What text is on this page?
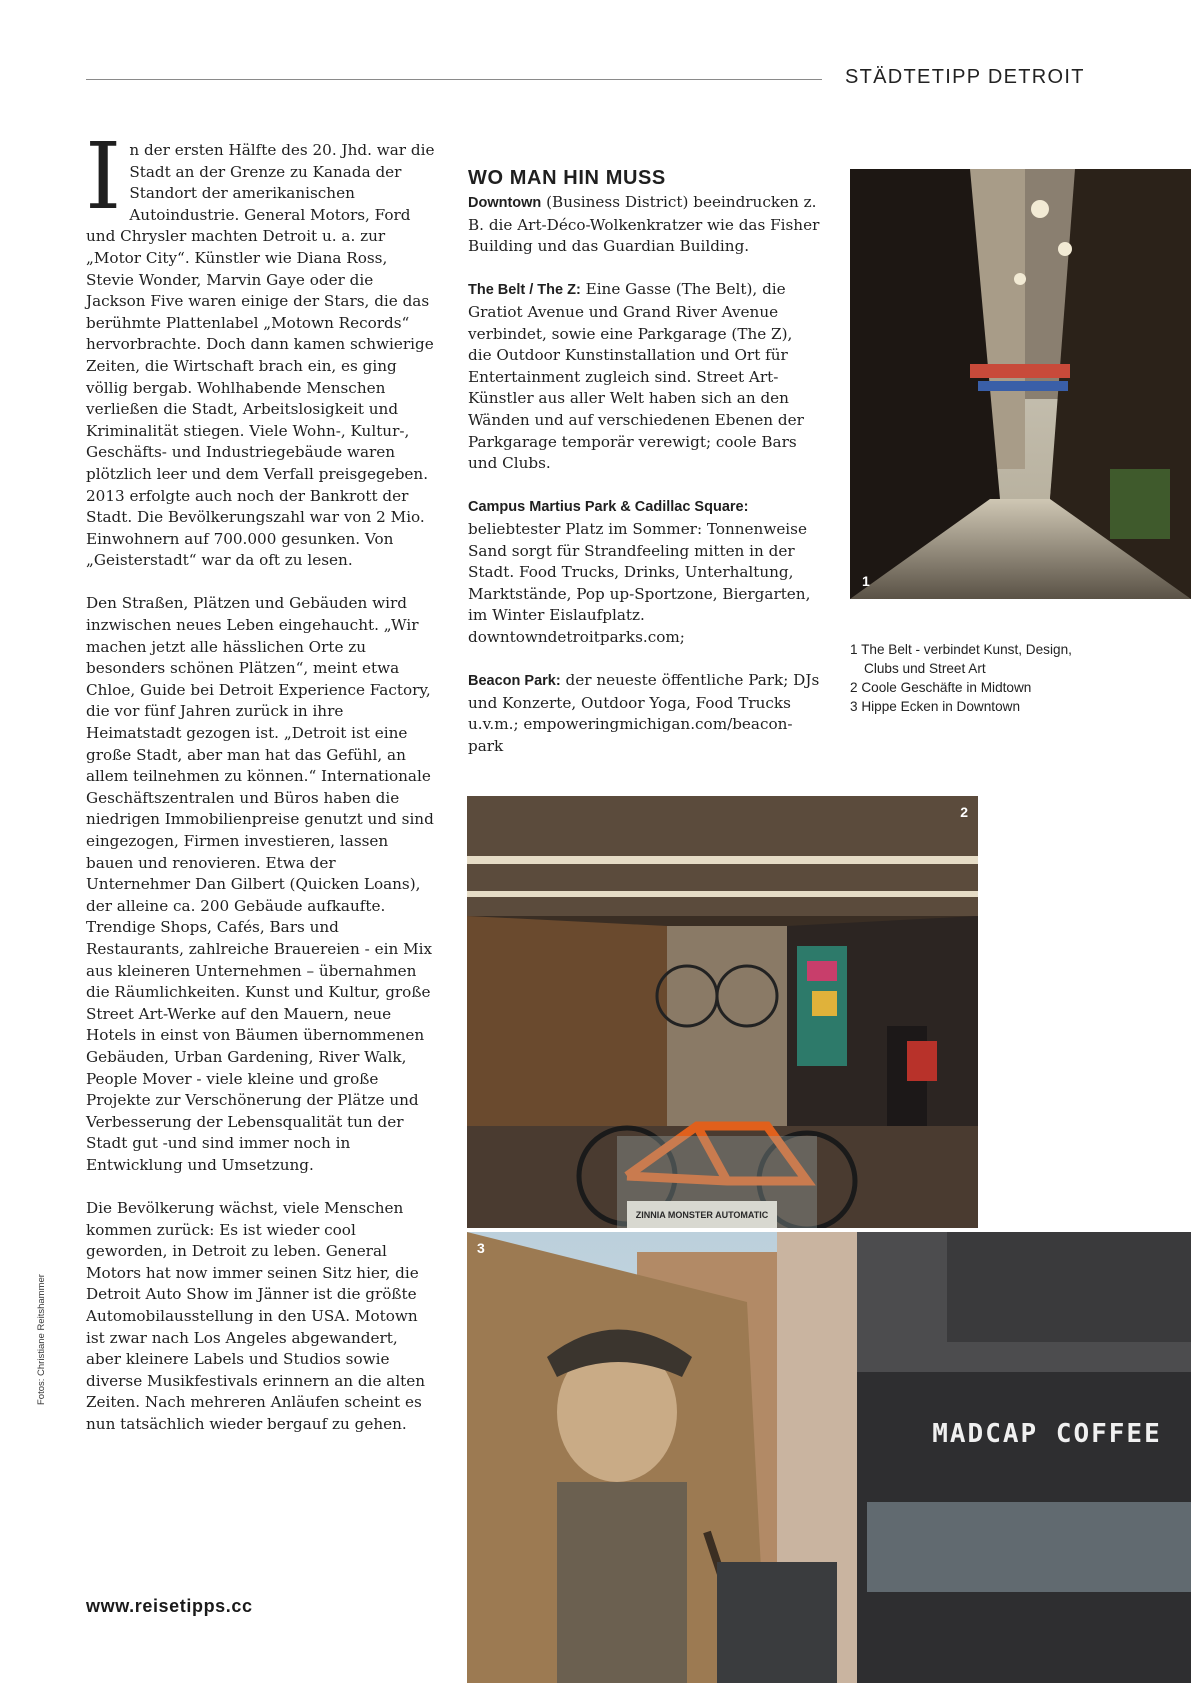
STÄDTETIPP DETROIT

In der ersten Hälfte des 20. Jhd. war die Stadt an der Grenze zu Kanada der Standort der amerikanischen Autoindustrie. General Motors, Ford und Chrysler machten Detroit u. a. zur „Motor City“. Künstler wie Diana Ross, Stevie Wonder, Marvin Gaye oder die Jackson Five waren einige der Stars, die das berühmte Plattenlabel „Motown Records“ hervorbrachte. Doch dann kamen schwierige Zeiten, die Wirtschaft brach ein, es ging völlig bergab. Wohlhabende Menschen verließen die Stadt, Arbeitslosigkeit und Kriminalität stiegen. Viele Wohn-, Kultur-, Geschäfts- und Industriegebäude waren plötzlich leer und dem Verfall preisgegeben. 2013 erfolgte auch noch der Bankrott der Stadt. Die Bevölkerungszahl war von 2 Mio. Einwohnern auf 700.000 gesunken. Von „Geisterstadt“ war da oft zu lesen.

Den Straßen, Plätzen und Gebäuden wird inzwischen neues Leben eingehaucht. „Wir machen jetzt alle hässlichen Orte zu besonders schönen Plätzen“, meint etwa Chloe, Guide bei Detroit Experience Factory, die vor fünf Jahren zurück in ihre Heimatstadt gezogen ist. „Detroit ist eine große Stadt, aber man hat das Gefühl, an allem teilnehmen zu können.“ Internationale Geschäftszentralen und Büros haben die niedrigen Immobilienpreise genutzt und sind eingezogen, Firmen investieren, lassen bauen und renovieren. Etwa der Unternehmer Dan Gilbert (Quicken Loans), der alleine ca. 200 Gebäude aufkaufte. Trendige Shops, Cafés, Bars und Restaurants, zahlreiche Brauereien - ein Mix aus kleineren Unternehmen – übernahmen die Räumlichkeiten. Kunst und Kultur, große Street Art-Werke auf den Mauern, neue Hotels in einst von Bäumen übernommenen Gebäuden, Urban Gardening, River Walk, People Mover - viele kleine und große Projekte zur Verschönerung der Plätze und Verbesserung der Lebensqualität tun der Stadt gut -und sind immer noch in Entwicklung und Umsetzung.

Die Bevölkerung wächst, viele Menschen kommen zurück: Es ist wieder cool geworden, in Detroit zu leben. General Motors hat now immer seinen Sitz hier, die Detroit Auto Show im Jänner ist die größte Automobilausstellung in den USA. Motown ist zwar nach Los Angeles abgewandert, aber kleinere Labels und Studios sowie diverse Musikfestivals erinnern an die alten Zeiten. Nach mehreren Anläufen scheint es nun tatsächlich wieder bergauf zu gehen.

WO MAN HIN MUSS

Downtown (Business District) beeindrucken z. B. die Art-Déco-Wolkenkratzer wie das Fisher Building und das Guardian Building.

The Belt / The Z: Eine Gasse (The Belt), die Gratiot Avenue und Grand River Avenue verbindet, sowie eine Parkgarage (The Z), die Outdoor Kunstinstallation und Ort für Entertainment zugleich sind. Street Art-Künstler aus aller Welt haben sich an den Wänden und auf verschiedenen Ebenen der Parkgarage temporär verewigt; coole Bars und Clubs.

Campus Martius Park & Cadillac Square: beliebtester Platz im Sommer: Tonnenweise Sand sorgt für Strandfeeling mitten in der Stadt. Food Trucks, Drinks, Unterhaltung, Marktstände, Pop up-Sportzone, Biergarten, im Winter Eislaufplatz. downtowndetroitparks.com;

Beacon Park: der neueste öffentliche Park; DJs und Konzerte, Outdoor Yoga, Food Trucks u.v.m.; empoweringmichigan.com/beacon-park

1
1 The Belt - verbindet Kunst, Design, Clubs und Street Art
2 Coole Geschäfte in Midtown
3 Hippe Ecken in Downtown
ZINNIA MONSTER AUTOMATIC
2
MADCAP COFFEE
3
Fotos: Christiane Reitshammer
www.reisetipps.cc
